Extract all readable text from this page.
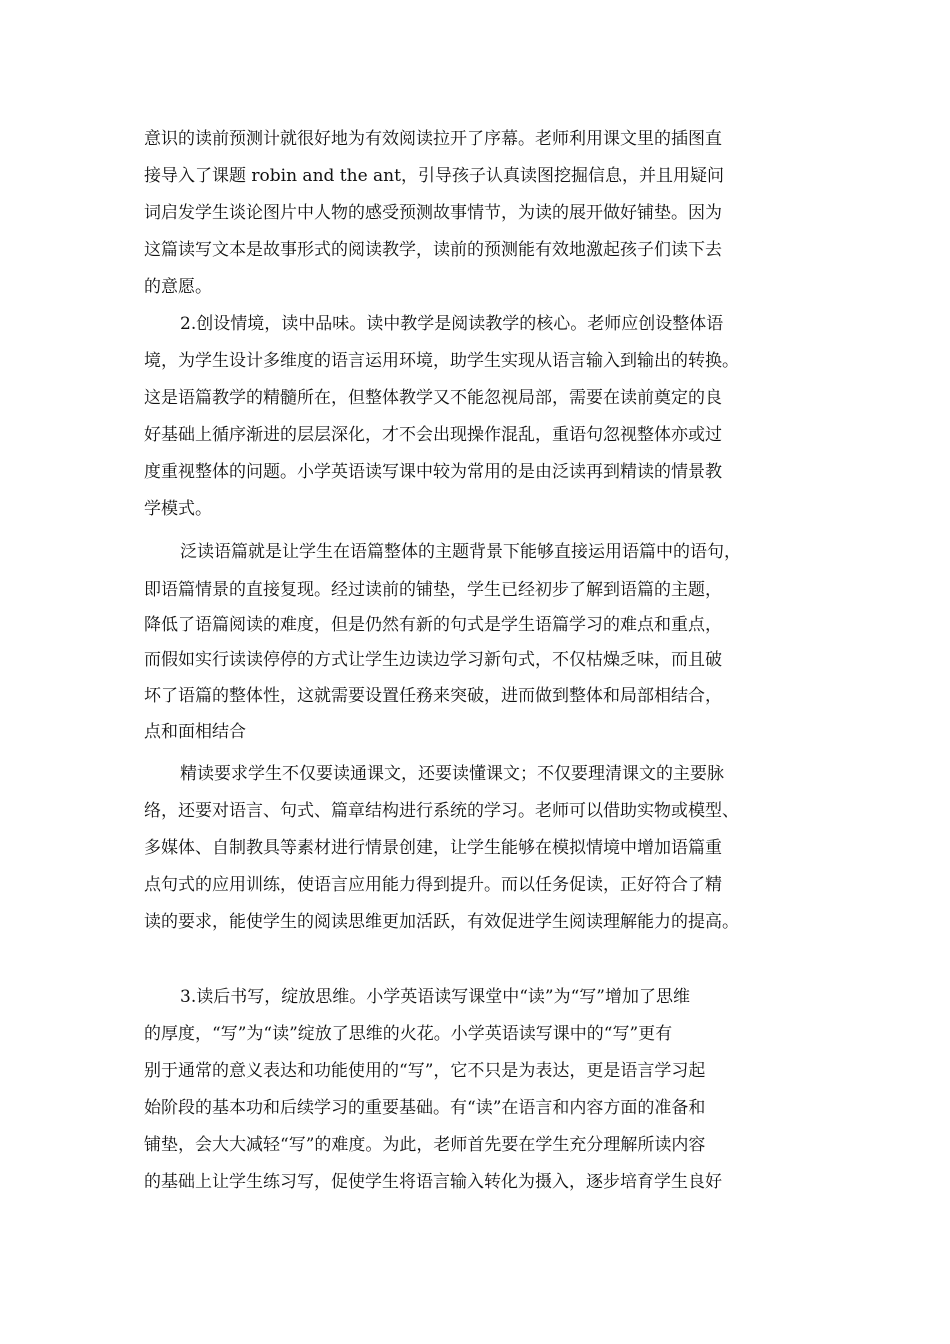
意识的读前预测计就很好地为有效阅读拉开了序幕。老师利用课文里的插图直
接导入了课题 robin and the ant，引导孩子认真读图挖掘信息，并且用疑问
词启发学生谈论图片中人物的感受预测故事情节，为读的展开做好铺垫。因为
这篇读写文本是故事形式的阅读教学，读前的预测能有效地激起孩子们读下去
的意愿。
2.创设情境，读中品味。读中教学是阅读教学的核心。老师应创设整体语
境，为学生设计多维度的语言运用环境，助学生实现从语言输入到输出的转换。
这是语篇教学的精髓所在，但整体教学又不能忽视局部，需要在读前奠定的良
好基础上循序渐进的层层深化，才不会出现操作混乱，重语句忽视整体亦或过
度重视整体的问题。小学英语读写课中较为常用的是由泛读再到精读的情景教
学模式。
泛读语篇就是让学生在语篇整体的主题背景下能够直接运用语篇中的语句，
即语篇情景的直接复现。经过读前的铺垫，学生已经初步了解到语篇的主题，
降低了语篇阅读的难度，但是仍然有新的句式是学生语篇学习的难点和重点，
而假如实行读读停停的方式让学生边读边学习新句式，不仅枯燥乏味，而且破
坏了语篇的整体性，这就需要设置任務来突破，进而做到整体和局部相结合，
点和面相结合
精读要求学生不仅要读通课文，还要读懂课文；不仅要理清课文的主要脉
络，还要对语言、句式、篇章结构进行系统的学习。老师可以借助实物或模型、
多媒体、自制教具等素材进行情景创建，让学生能够在模拟情境中增加语篇重
点句式的应用训练，使语言应用能力得到提升。而以任务促读，正好符合了精
读的要求，能使学生的阅读思维更加活跃，有效促进学生阅读理解能力的提高。
3.读后书写，绽放思维。小学英语读写课堂中“读”为“写”增加了思维
的厚度，“写”为“读”绽放了思维的火花。小学英语读写课中的“写”更有
别于通常的意义表达和功能使用的“写”，它不只是为表达，更是语言学习起
始阶段的基本功和后续学习的重要基础。有“读”在语言和内容方面的准备和
铺垫，会大大减轻“写”的难度。为此，老师首先要在学生充分理解所读内容
的基础上让学生练习写，促使学生将语言输入转化为摄入，逐步培育学生良好
